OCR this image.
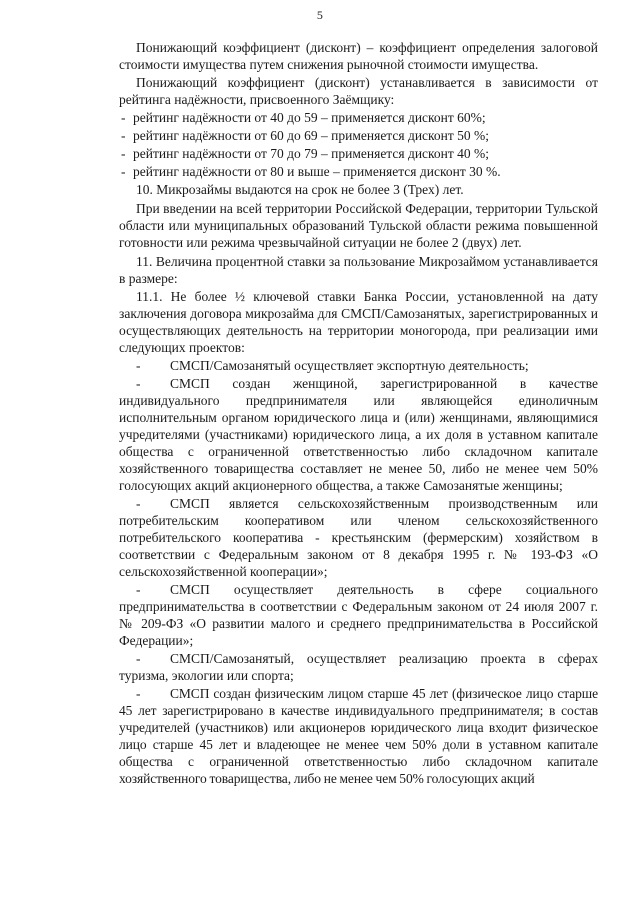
5

Понижающий коэффициент (дисконт) – коэффициент определения залоговой стоимости имущества путем снижения рыночной стоимости имущества.

Понижающий коэффициент (дисконт) устанавливается в зависимости от рейтинга надёжности, присвоенного Заёмщику:

- рейтинг надёжности от 40 до 59 – применяется дисконт 60%;

- рейтинг надёжности от 60 до 69 – применяется дисконт 50 %;

- рейтинг надёжности от 70 до 79 – применяется дисконт 40 %;

- рейтинг надёжности от 80 и выше – применяется дисконт 30 %.

10. Микрозаймы выдаются на срок не более 3 (Трех) лет.

При введении на всей территории Российской Федерации, территории Тульской области или муниципальных образований Тульской области режима повышенной готовности или режима чрезвычайной ситуации не более 2 (двух) лет.

11. Величина процентной ставки за пользование Микрозаймом устанавливается в размере:

11.1. Не более ½ ключевой ставки Банка России, установленной на дату заключения договора микрозайма для СМСП/Самозанятых, зарегистрированных и осуществляющих деятельность на территории моногорода, при реализации ими следующих проектов:

- СМСП/Самозанятый осуществляет экспортную деятельность;

- СМСП создан женщиной, зарегистрированной в качестве индивидуального предпринимателя или являющейся единоличным исполнительным органом юридического лица и (или) женщинами, являющимися учредителями (участниками) юридического лица, а их доля в уставном капитале общества с ограниченной ответственностью либо складочном капитале хозяйственного товарищества составляет не менее 50, либо не менее чем 50% голосующих акций акционерного общества, а также Самозанятые женщины;

- СМСП является сельскохозяйственным производственным или потребительским кооперативом или членом сельскохозяйственного потребительского кооператива - крестьянским (фермерским) хозяйством в соответствии с Федеральным законом от 8 декабря 1995 г. № 193-ФЗ «О сельскохозяйственной кооперации»;

- СМСП осуществляет деятельность в сфере социального предпринимательства в соответствии с Федеральным законом от 24 июля 2007 г. № 209-ФЗ «О развитии малого и среднего предпринимательства в Российской Федерации»;

- СМСП/Самозанятый, осуществляет реализацию проекта в сферах туризма, экологии или спорта;

- СМСП создан физическим лицом старше 45 лет (физическое лицо старше 45 лет зарегистрировано в качестве индивидуального предпринимателя; в состав учредителей (участников) или акционеров юридического лица входит физическое лицо старше 45 лет и владеющее не менее чем 50% доли в уставном капитале общества с ограниченной ответственностью либо складочном капитале хозяйственного товарищества, либо не менее чем 50% голосующих акций
